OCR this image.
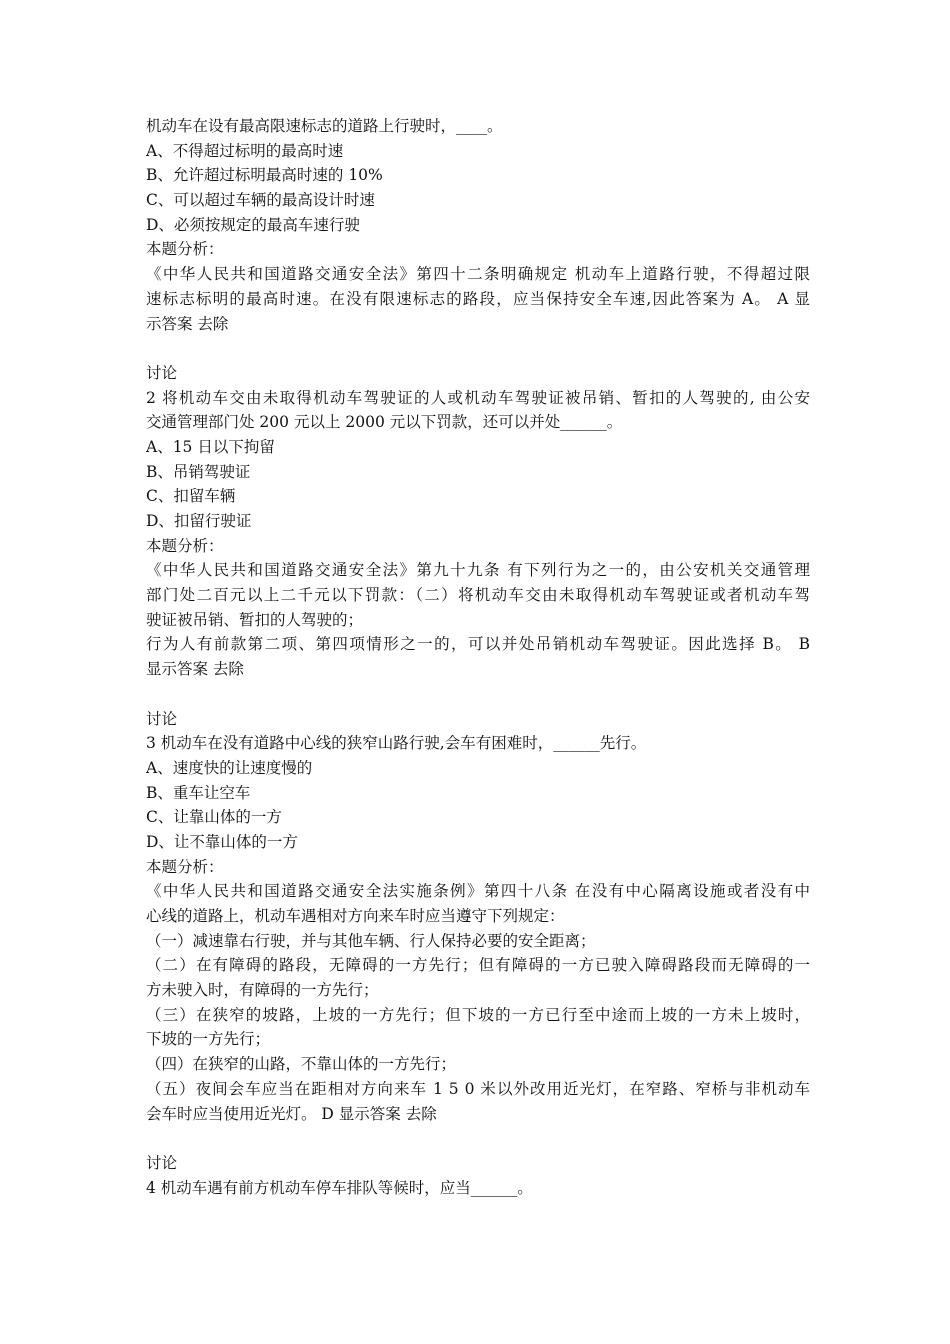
机动车在设有最高限速标志的道路上行驶时，____。
A、不得超过标明的最高时速
B、允许超过标明最高时速的 10%
C、可以超过车辆的最高设计时速
D、必须按规定的最高车速行驶
本题分析：
《中华人民共和国道路交通安全法》第四十二条明确规定 机动车上道路行驶，不得超过限
速标志标明的最高时速。在没有限速标志的路段，应当保持安全车速,因此答案为 A。 A 显
示答案 去除
讨论
2 将机动车交由未取得机动车驾驶证的人或机动车驾驶证被吊销、暂扣的人驾驶的, 由公安
交通管理部门处 200 元以上 2000 元以下罚款，还可以并处______。
A、15 日以下拘留
B、吊销驾驶证
C、扣留车辆
D、扣留行驶证
本题分析：
《中华人民共和国道路交通安全法》第九十九条 有下列行为之一的，由公安机关交通管理
部门处二百元以上二千元以下罚款：（二）将机动车交由未取得机动车驾驶证或者机动车驾
驶证被吊销、暂扣的人驾驶的；
行为人有前款第二项、第四项情形之一的，可以并处吊销机动车驾驶证。因此选择 B。 B
显示答案 去除
讨论
3 机动车在没有道路中心线的狭窄山路行驶,会车有困难时，______先行。
A、速度快的让速度慢的
B、重车让空车
C、让靠山体的一方
D、让不靠山体的一方
本题分析：
《中华人民共和国道路交通安全法实施条例》第四十八条 在没有中心隔离设施或者没有中
心线的道路上，机动车遇相对方向来车时应当遵守下列规定：
（一）减速靠右行驶，并与其他车辆、行人保持必要的安全距离；
（二）在有障碍的路段，无障碍的一方先行；但有障碍的一方已驶入障碍路段而无障碍的一
方未驶入时，有障碍的一方先行；
（三）在狭窄的坡路，上坡的一方先行；但下坡的一方已行至中途而上坡的一方未上坡时，
下坡的一方先行；
（四）在狭窄的山路，不靠山体的一方先行；
（五）夜间会车应当在距相对方向来车 1 5 0 米以外改用近光灯，在窄路、窄桥与非机动车
会车时应当使用近光灯。 D 显示答案 去除
讨论
4 机动车遇有前方机动车停车排队等候时，应当______。
